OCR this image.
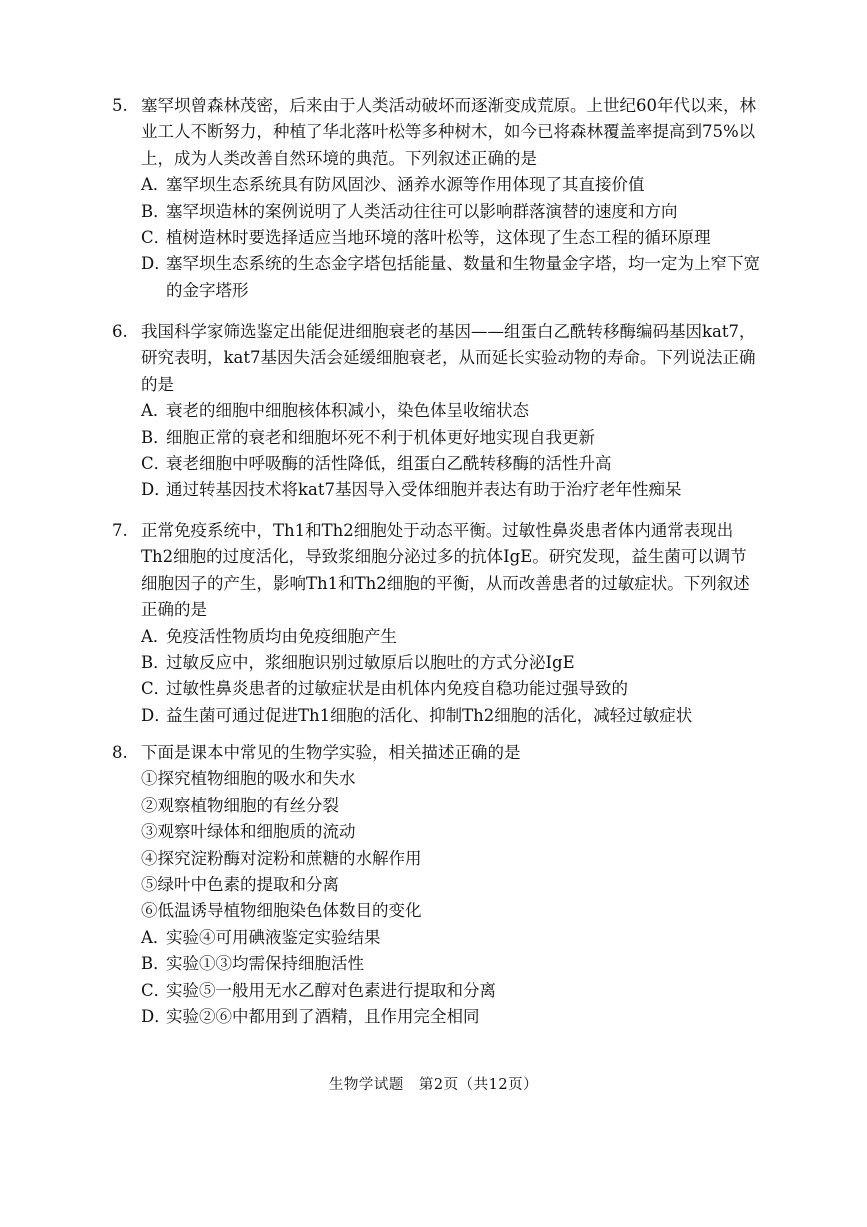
5. 塞罕坝曾森林茂密，后来由于人类活动破坏而逐渐变成荒原。上世纪60年代以来，林业工人不断努力，种植了华北落叶松等多种树木，如今已将森林覆盖率提高到75%以上，成为人类改善自然环境的典范。下列叙述正确的是

A．
塞罕坝生态系统具有防风固沙、涵养水源等作用体现了其直接价值

B．
塞罕坝造林的案例说明了人类活动往往可以影响群落演替的速度和方向

C．
植树造林时要选择适应当地环境的落叶松等，这体现了生态工程的循环原理

D．
塞罕坝生态系统的生态金字塔包括能量、数量和生物量金字塔，均一定为上窄下宽的金字塔形

6. 我国科学家筛选鉴定出能促进细胞衰老的基因——组蛋白乙酰转移酶编码基因kat7，研究表明，kat7基因失活会延缓细胞衰老，从而延长实验动物的寿命。下列说法正确的是

A．
衰老的细胞中细胞核体积减小，染色体呈收缩状态

B．
细胞正常的衰老和细胞坏死不利于机体更好地实现自我更新

C．
衰老细胞中呼吸酶的活性降低，组蛋白乙酰转移酶的活性升高

D．
通过转基因技术将kat7基因导入受体细胞并表达有助于治疗老年性痴呆

7. 正常免疫系统中，Th1和Th2细胞处于动态平衡。过敏性鼻炎患者体内通常表现出Th2细胞的过度活化，导致浆细胞分泌过多的抗体IgE。研究发现，益生菌可以调节细胞因子的产生，影响Th1和Th2细胞的平衡，从而改善患者的过敏症状。下列叙述正确的是

A．
免疫活性物质均由免疫细胞产生

B．
过敏反应中，浆细胞识别过敏原后以胞吐的方式分泌IgE

C．
过敏性鼻炎患者的过敏症状是由机体内免疫自稳功能过强导致的

D．
益生菌可通过促进Th1细胞的活化、抑制Th2细胞的活化，减轻过敏症状

8. 下面是课本中常见的生物学实验，相关描述正确的是

①探究植物细胞的吸水和失水

②观察植物细胞的有丝分裂

③观察叶绿体和细胞质的流动

④探究淀粉酶对淀粉和蔗糖的水解作用

⑤绿叶中色素的提取和分离

⑥低温诱导植物细胞染色体数目的变化

A．
实验④可用碘液鉴定实验结果

B．
实验①③均需保持细胞活性

C．
实验⑤一般用无水乙醇对色素进行提取和分离

D．
实验②⑥中都用到了酒精，且作用完全相同

生物学试题　第2页（共12页）
